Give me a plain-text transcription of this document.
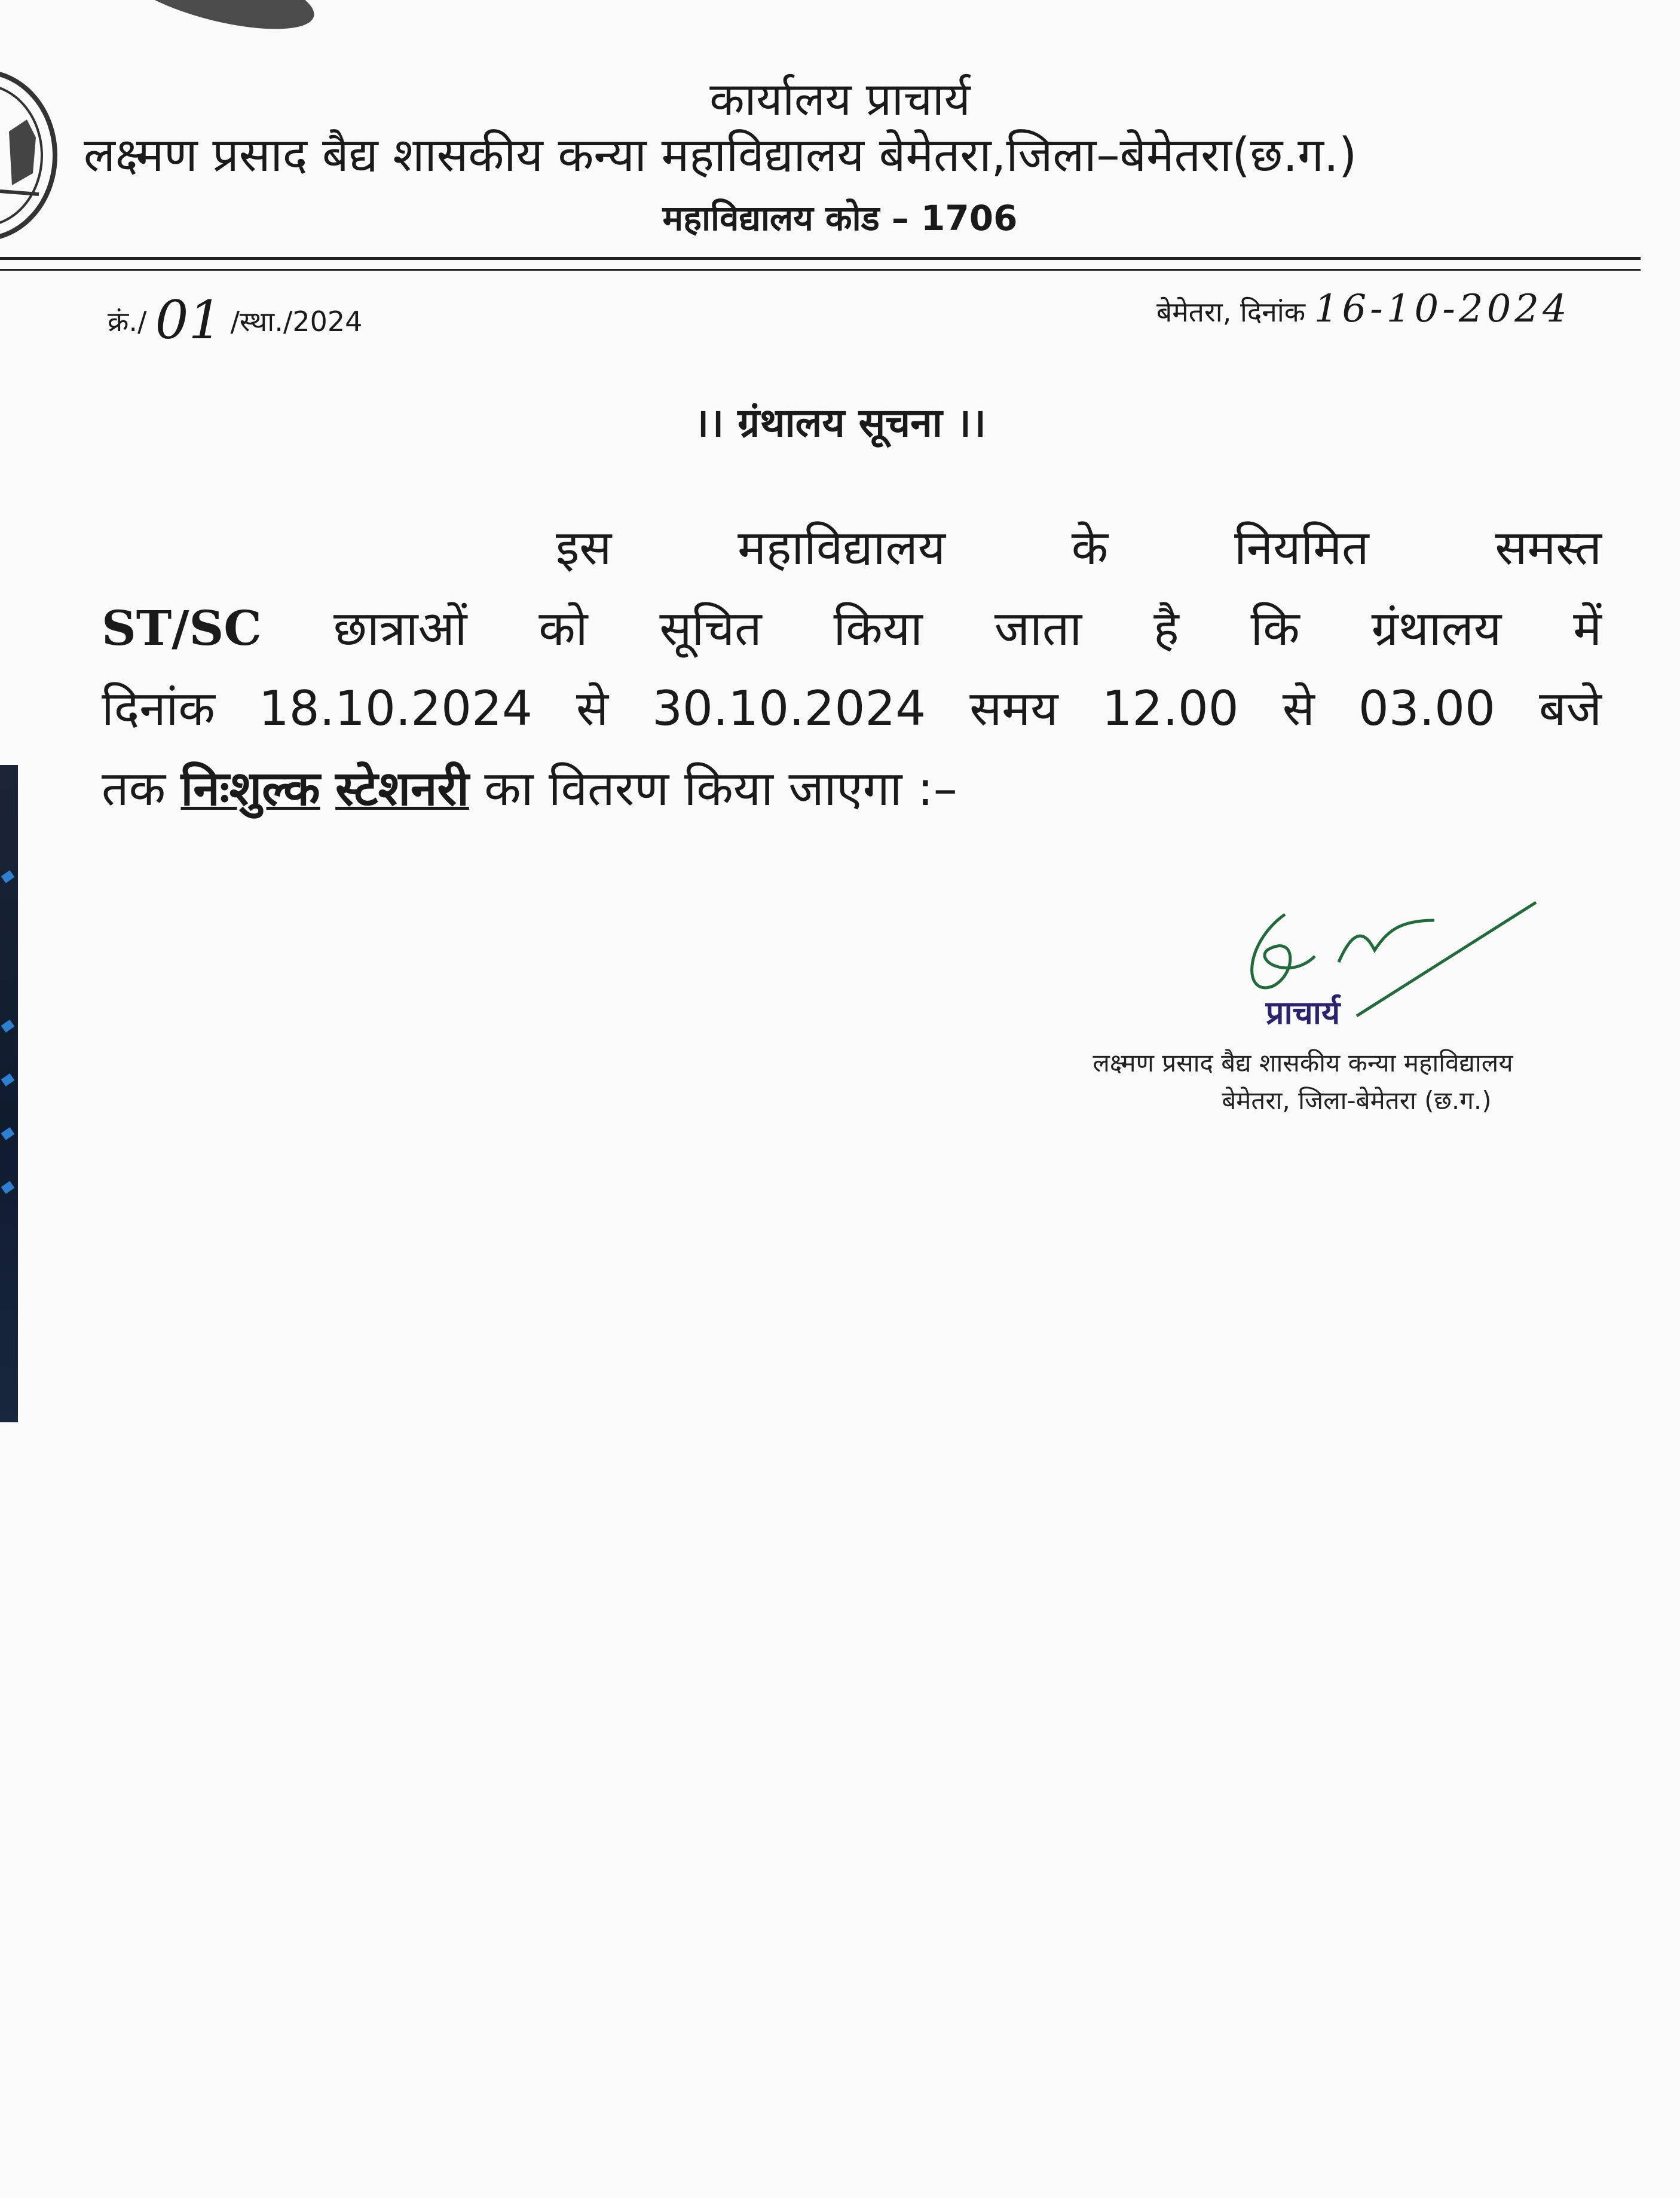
कार्यालय प्राचार्य
लक्ष्मण प्रसाद बैद्य शासकीय कन्या महाविद्यालय बेमेतरा,जिला–बेमेतरा(छ.ग.)
महाविद्यालय कोड – 1706
क्रं./ 01 /स्था./2024	बेमेतरा, दिनांक 16-10-2024
।। ग्रंथालय सूचना ।।
इस महाविद्यालय के नियमित समस्त
ST/SC छात्राओं को सूचित किया जाता है कि ग्रंथालय में
दिनांक 18.10.2024 से 30.10.2024 समय 12.00 से 03.00 बजे
तक निःशुल्क स्टेशनरी का वितरण किया जाएगा :–
प्राचार्य
लक्ष्मण प्रसाद बैद्य शासकीय कन्या महाविद्यालय
बेमेतरा, जिला-बेमेतरा (छ.ग.)
